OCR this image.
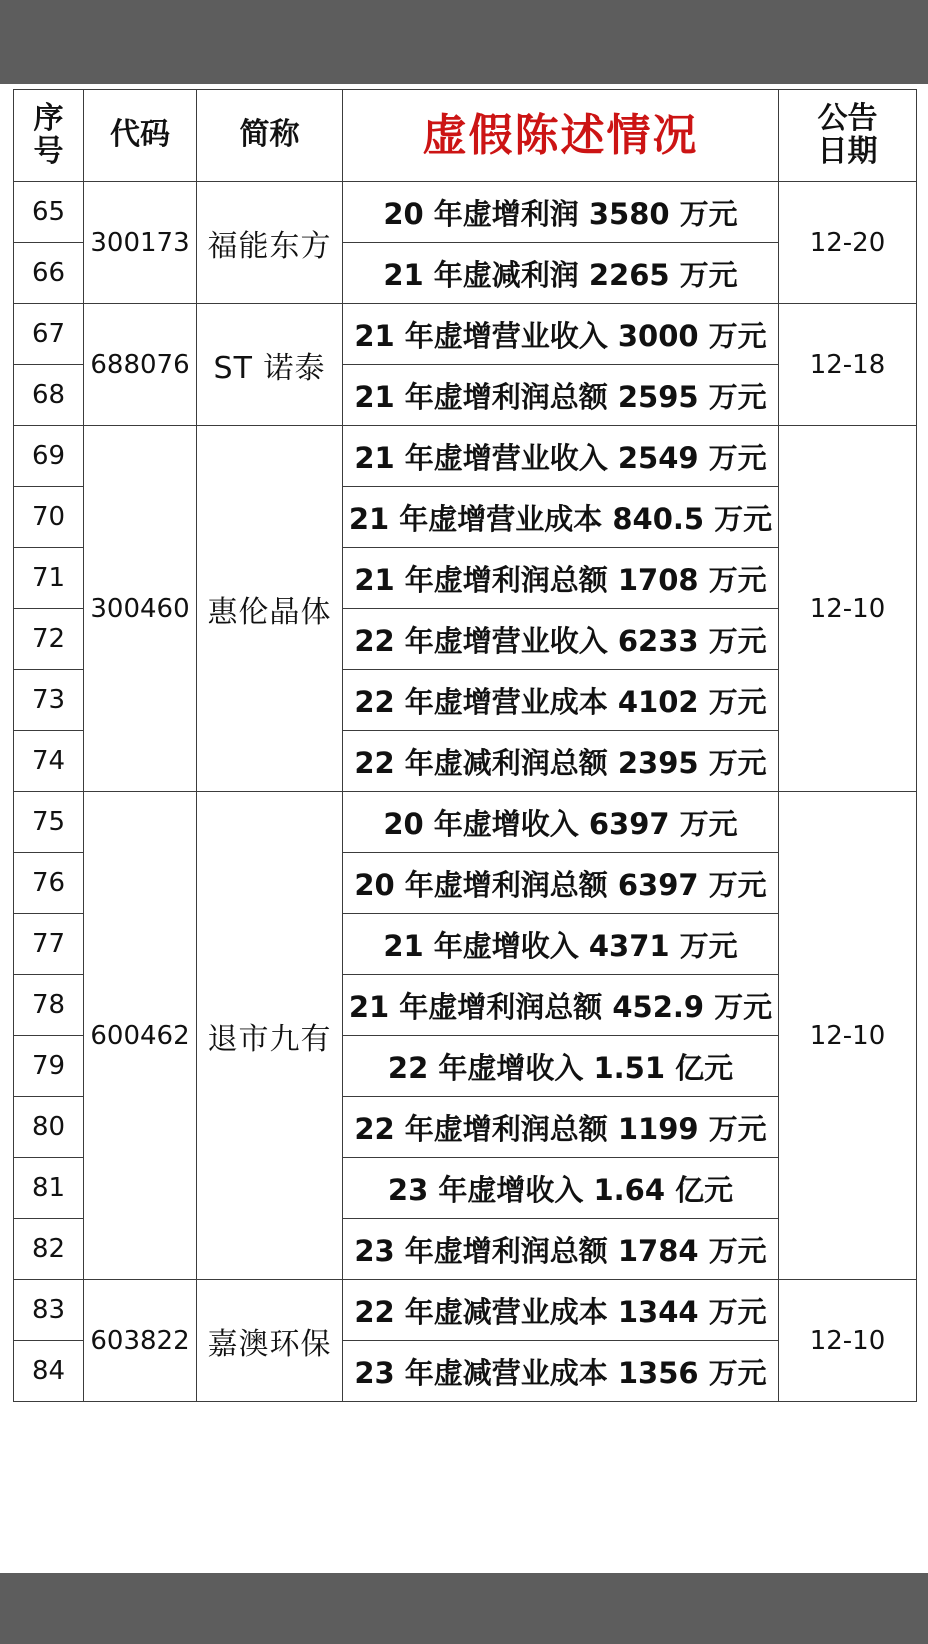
序
号	代码	简称	虚假陈述情况	公告
日期

65	300173	福能东方	20 年虚增利润 3580 万元	12-20
66			21 年虚减利润 2265 万元	
67	688076	ST 诺泰	21 年虚增营业收入 3000 万元	12-18
68			21 年虚增利润总额 2595 万元	
69	300460	惠伦晶体	21 年虚增营业收入 2549 万元	12-10
70			21 年虚增营业成本 840.5 万元	
71			21 年虚增利润总额 1708 万元	
72			22 年虚增营业收入 6233 万元	
73			22 年虚增营业成本 4102 万元	
74			22 年虚减利润总额 2395 万元	
75	600462	退市九有	20 年虚增收入 6397 万元	12-10
76			20 年虚增利润总额 6397 万元	
77			21 年虚增收入 4371 万元	
78			21 年虚增利润总额 452.9 万元	
79			22 年虚增收入 1.51 亿元	
80			22 年虚增利润总额 1199 万元	
81			23 年虚增收入 1.64 亿元	
82			23 年虚增利润总额 1784 万元	
83	603822	嘉澳环保	22 年虚减营业成本 1344 万元	12-10
84			23 年虚减营业成本 1356 万元	
